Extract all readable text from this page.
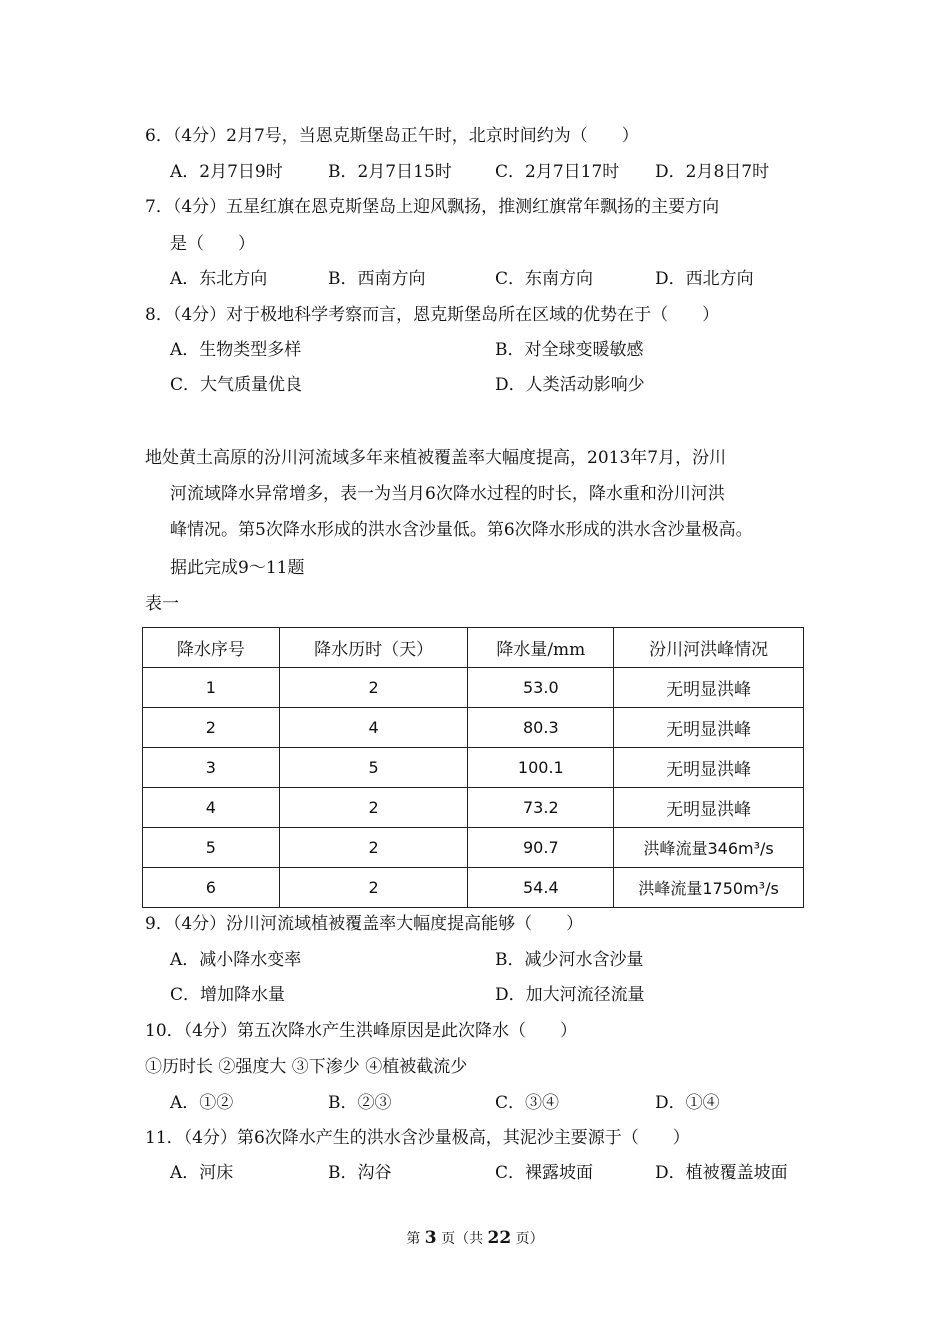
6．（4分）2月7号，当恩克斯堡岛正午时，北京时间约为（　　）
A．2月7日9时	B．2月7日15时	C．2月7日17时 D．2月8日7时
7．（4分）五星红旗在恩克斯堡岛上迎风飘扬，推测红旗常年飘扬的主要方向
是（　　）
A．东北方向	B．西南方向	C．东南方向	D．西北方向
8．（4分）对于极地科学考察而言，恩克斯堡岛所在区域的优势在于（　　）
A．生物类型多样	B．对全球变暖敏感
C．大气质量优良	D．人类活动影响少
地处黄土高原的汾川河流域多年来植被覆盖率大幅度提高，2013年7月，汾川
河流域降水异常增多，表一为当月6次降水过程的时长，降水重和汾川河洪
峰情况。第5次降水形成的洪水含沙量低。第6次降水形成的洪水含沙量极高。
据此完成9～11题
表一
降水序号	降水历时（天）	降水量/mm	汾川河洪峰情况
1	2	53.0	无明显洪峰
2	4	80.3	无明显洪峰
3	5	100.1	无明显洪峰
4	2	73.2	无明显洪峰
5	2	90.7	洪峰流量346m³/s
6	2	54.4	洪峰流量1750m³/s
9．（4分）汾川河流域植被覆盖率大幅度提高能够（　　）
A．减小降水变率	B．减少河水含沙量
C．增加降水量	D．加大河流径流量
10．（4分）第五次降水产生洪峰原因是此次降水（　　）
①历时长 ②强度大 ③下渗少 ④植被截流少
A．①②	B．②③	C．③④	D．①④
11．（4分）第6次降水产生的洪水含沙量极高，其泥沙主要源于（　　）
A．河床	B．沟谷	C．裸露坡面	D．植被覆盖坡面
第 3 页（共 22 页）
